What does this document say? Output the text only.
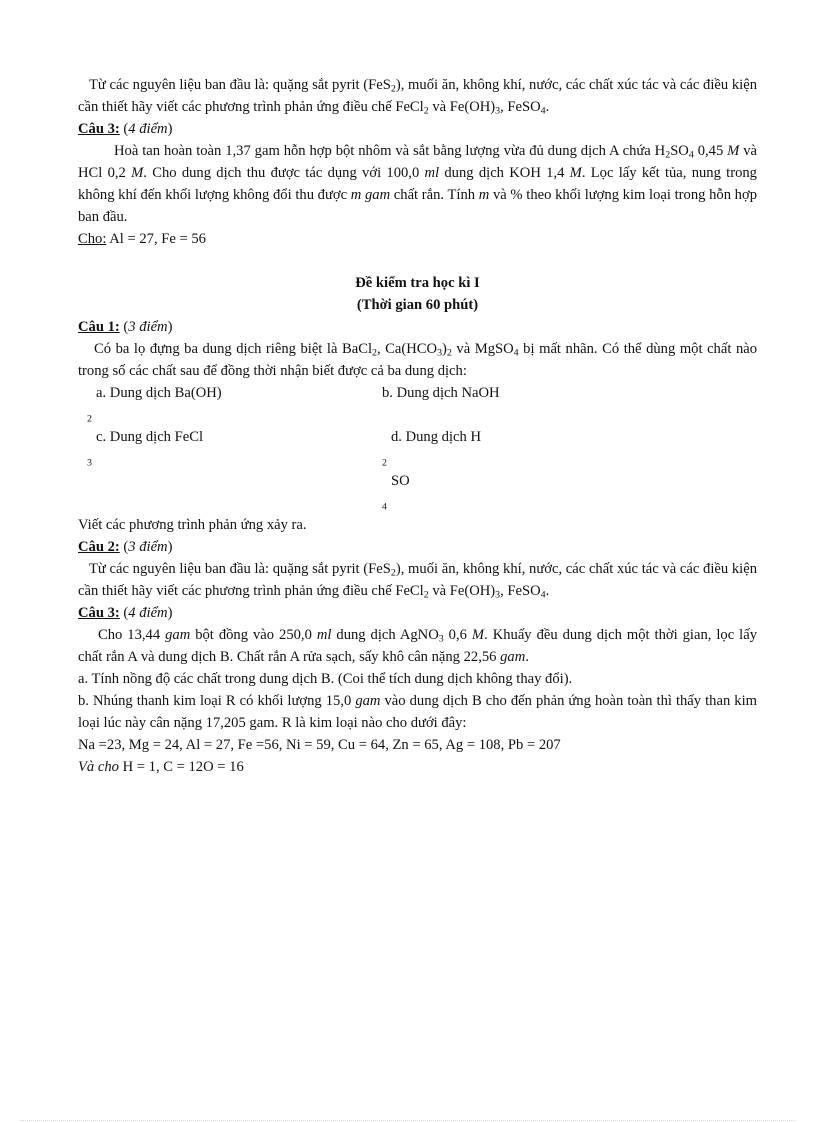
Từ các nguyên liệu ban đầu là: quặng sắt pyrit (FeS$_2$), muối ăn, không khí, nước, các chất xúc tác và các điều kiện cần thiết hãy viết các phương trình phản ứng điều chế FeCl$_2$ và $Fe(OH)_3$, FeSO$_4$.

Câu 3: (4 điểm)

Hoà tan hoàn toàn 1,37 gam hỗn hợp bột nhôm và sắt bằng lượng vừa đủ dung dịch A chứa $H_2SO_4$ 0,45 M và HCl 0,2 M. Cho dung dịch thu được tác dụng với 100,0 ml dung dịch KOH 1,4 M. Lọc lấy kết tủa, nung trong không khí đến khối lượng không đổi thu được m gam chất rắn. Tính m và % theo khối lượng kim loại trong hỗn hợp ban đầu.

Cho: Al = 27, Fe = 56

Đề kiểm tra học kì I

(Thời gian 60 phút)

Câu 1: (3 điểm)

Có ba lọ đựng ba dung dịch riêng biệt là BaCl$_2$, $Ca(HCO_3)_2$ và MgSO$_4$ bị mất nhãn. Có thể dùng một chất nào trong số các chất sau để đồng thời nhận biết được cả ba dung dịch:

a. Dung dịch Ba(OH)
$_2$
b. Dung dịch NaOH
c. Dung dịch FeCl
$_3$
d. Dung dịch H
$_2$
SO
$_4$

Viết các phương trình phản ứng xảy ra.

Câu 2: (3 điểm)

Từ các nguyên liệu ban đầu là: quặng sắt pyrit (FeS$_2$), muối ăn, không khí, nước, các chất xúc tác và các điều kiện cần thiết hãy viết các phương trình phản ứng điều chế FeCl$_2$ và $Fe(OH)_3$, FeSO$_4$.

Câu 3: (4 điểm)

Cho 13,44 gam bột đồng vào 250,0 ml dung dịch AgNO$_3$ 0,6 M. Khuấy đều dung dịch một thời gian, lọc lấy chất rắn A và dung dịch B. Chất rắn A rửa sạch, sấy khô cân nặng 22,56 gam.

a. Tính nồng độ các chất trong dung dịch B. (Coi thể tích dung dịch không thay đổi).

b. Nhúng thanh kim loại R có khối lượng 15,0 gam vào dung dịch B cho đến phản ứng hoàn toàn thì thấy than kim loại lúc này cân nặng 17,205 gam. R là kim loại nào cho dưới đây:

Na =23, Mg = 24, Al = 27, Fe =56, Ni = 59, Cu = 64, Zn = 65, Ag = 108, Pb = 207

Và cho H = 1, C = 12O = 16
